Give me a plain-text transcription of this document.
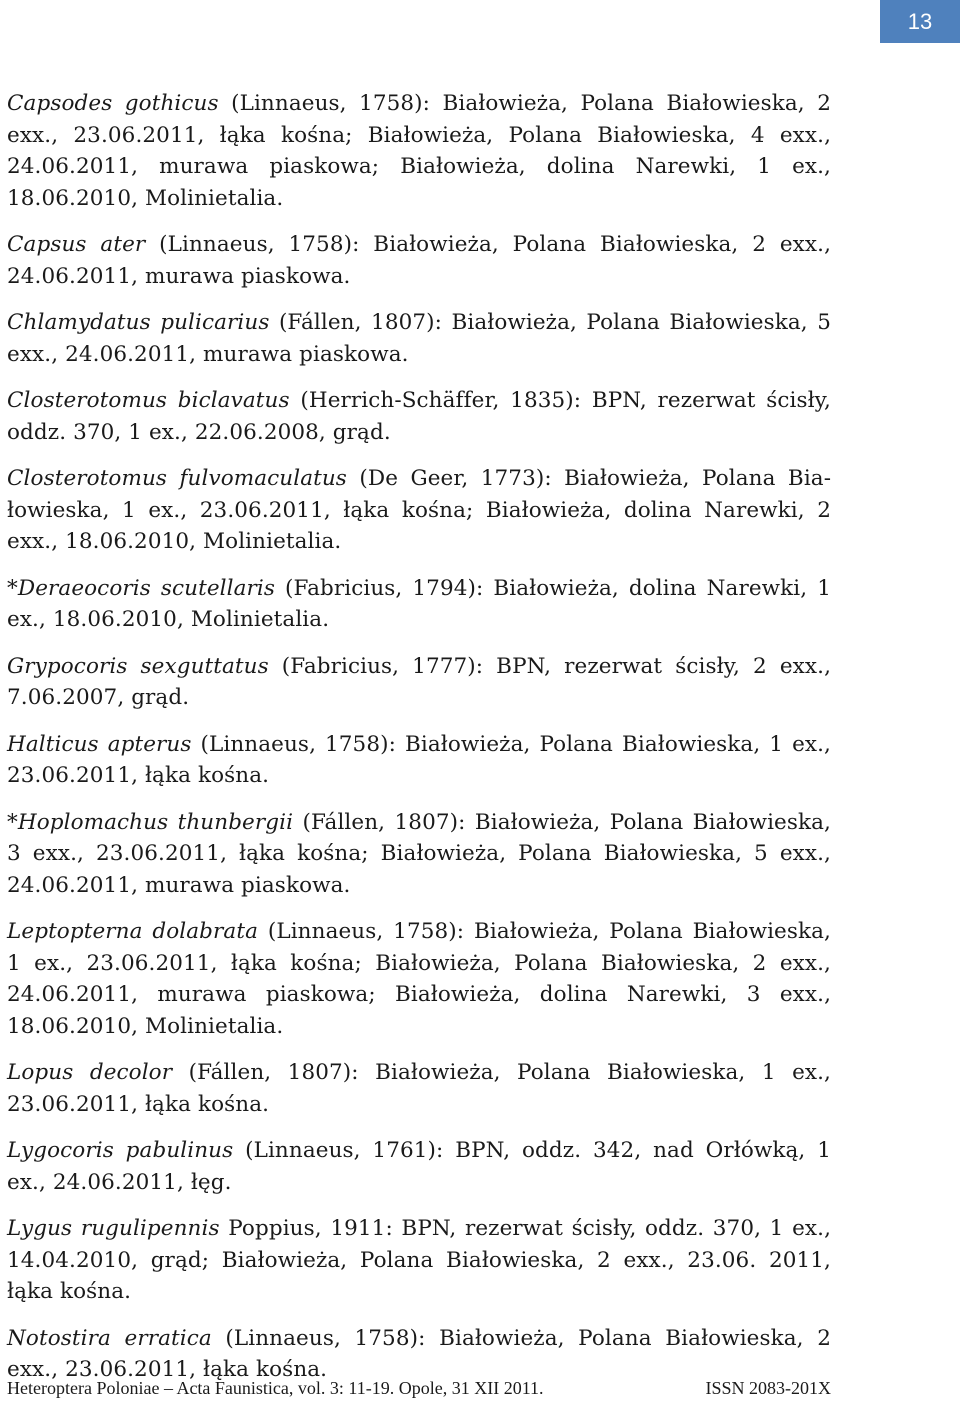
13

Capsodes gothicus (Linnaeus, 1758): Białowieża, Polana Białowieska, 2 exx., 23.06.2011, łąka kośna; Białowieża, Polana Białowieska, 4 exx., 24.06.2011, murawa piaskowa; Białowieża, dolina Narewki, 1 ex., 18.06.2010, Molinietalia.

Capsus ater (Linnaeus, 1758): Białowieża, Polana Białowieska, 2 exx., 24.06.2011, murawa piaskowa.

Chlamydatus pulicarius (Fállen, 1807): Białowieża, Polana Białowieska, 5 exx., 24.06.2011, murawa piaskowa.

Closterotomus biclavatus (Herrich-Schäffer, 1835): BPN, rezerwat ścisły, oddz. 370, 1 ex., 22.06.2008, grąd.

Closterotomus fulvomaculatus (De Geer, 1773): Białowieża, Polana Białowieska, 1 ex., 23.06.2011, łąka kośna; Białowieża, dolina Narewki, 2 exx., 18.06.2010, Molinietalia.

*Deraeocoris scutellaris (Fabricius, 1794): Białowieża, dolina Narewki, 1 ex., 18.06.2010, Molinietalia.

Grypocoris sexguttatus (Fabricius, 1777): BPN, rezerwat ścisły, 2 exx., 7.06.2007, grąd.

Halticus apterus (Linnaeus, 1758): Białowieża, Polana Białowieska, 1 ex., 23.06.2011, łąka kośna.

*Hoplomachus thunbergii (Fállen, 1807): Białowieża, Polana Białowieska, 3 exx., 23.06.2011, łąka kośna; Białowieża, Polana Białowieska, 5 exx., 24.06.2011, murawa piaskowa.

Leptopterna dolabrata (Linnaeus, 1758): Białowieża, Polana Białowieska, 1 ex., 23.06.2011, łąka kośna; Białowieża, Polana Białowieska, 2 exx., 24.06.2011, murawa piaskowa; Białowieża, dolina Narewki, 3 exx., 18.06.2010, Molinietalia.

Lopus decolor (Fállen, 1807): Białowieża, Polana Białowieska, 1 ex., 23.06.2011, łąka kośna.

Lygocoris pabulinus (Linnaeus, 1761): BPN, oddz. 342, nad Orłówką, 1 ex., 24.06.2011, łęg.

Lygus rugulipennis Poppius, 1911: BPN, rezerwat ścisły, oddz. 370, 1 ex., 14.04.2010, grąd; Białowieża, Polana Białowieska, 2 exx., 23.06. 2011, łąka kośna.

Notostira erratica (Linnaeus, 1758): Białowieża, Polana Białowieska, 2 exx., 23.06.2011, łąka kośna.

Heteroptera Poloniae – Acta Faunistica, vol. 3: 11-19. Opole, 31 XII 2011.	ISSN 2083-201X
